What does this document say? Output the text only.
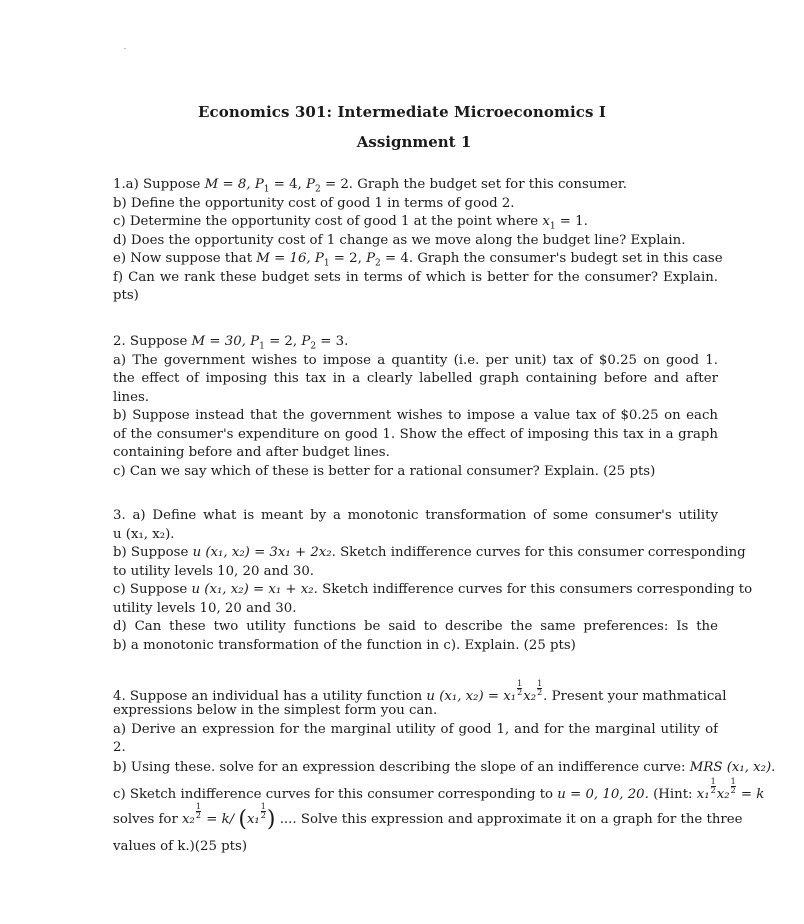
Economics 301: Intermediate Microeconomics I
Assignment 1
1.a) Suppose M = 8, $P_1 = 4$, $P_2 = 2$. Graph the budget set for this consumer.
b) Define the opportunity cost of good 1 in terms of good 2.
c) Determine the opportunity cost of good 1 at the point where $x_1 = 1$.
d) Does the opportunity cost of 1 change as we move along the budget line? Explain.
e) Now suppose that M = 16, $P_1 = 2$, $P_2 = 4$. Graph the consumer's budegt set in this case
f) Can we rank these budget sets in terms of which is better for the consumer? Explain.
pts)
2. Suppose M = 30, $P_1 = 2$, $P_2 = 3$.
a) The government wishes to impose a quantity (i.e. per unit) tax of $0.25 on good 1.
the effect of imposing this tax in a clearly labelled graph containing before and after
lines.
b) Suppose instead that the government wishes to impose a value tax of $0.25 on each
of the consumer's expenditure on good 1. Show the effect of imposing this tax in a graph
containing before and after budget lines.
c) Can we say which of these is better for a rational consumer? Explain. (25 pts)
3. a) Define what is meant by a monotonic transformation of some consumer's utility
u (x₁, x₂).
b) Suppose u (x₁, x₂) = 3x₁ + 2x₂. Sketch indifference curves for this consumer corresponding
to utility levels 10, 20 and 30.
c) Suppose u (x₁, x₂) = x₁ + x₂. Sketch indifference curves for this consumers corresponding to
utility levels 10, 20 and 30.
d) Can these two utility functions be said to describe the same preferences: Is the
b) a monotonic transformation of the function in c). Explain. (25 pts)
4. Suppose an individual has a utility function u (x₁, $x_2) = x_1 \frac{1}{2} x_2 \frac{1}{2}$ . Present your mathmatical
expressions below in the simplest form you can.
a) Derive an expression for the marginal utility of good 1, and for the marginal utility of
2.
b) Using these. solve for an expression describing the slope of an indifference curve: MRS (x₁, x₂).
c) Sketch indifference curves for this consumer corresponding to u = 0, 10, 20. (Hint: $x_1 \frac{1}{2} x_2 \frac{1}{2} = k$
solves for $x_2 \frac{1}{2} = k/$ ($x_1 \frac{1}{2}$ ) .... Solve this expression and approximate it on a graph for the three
values of k.)(25 pts)
